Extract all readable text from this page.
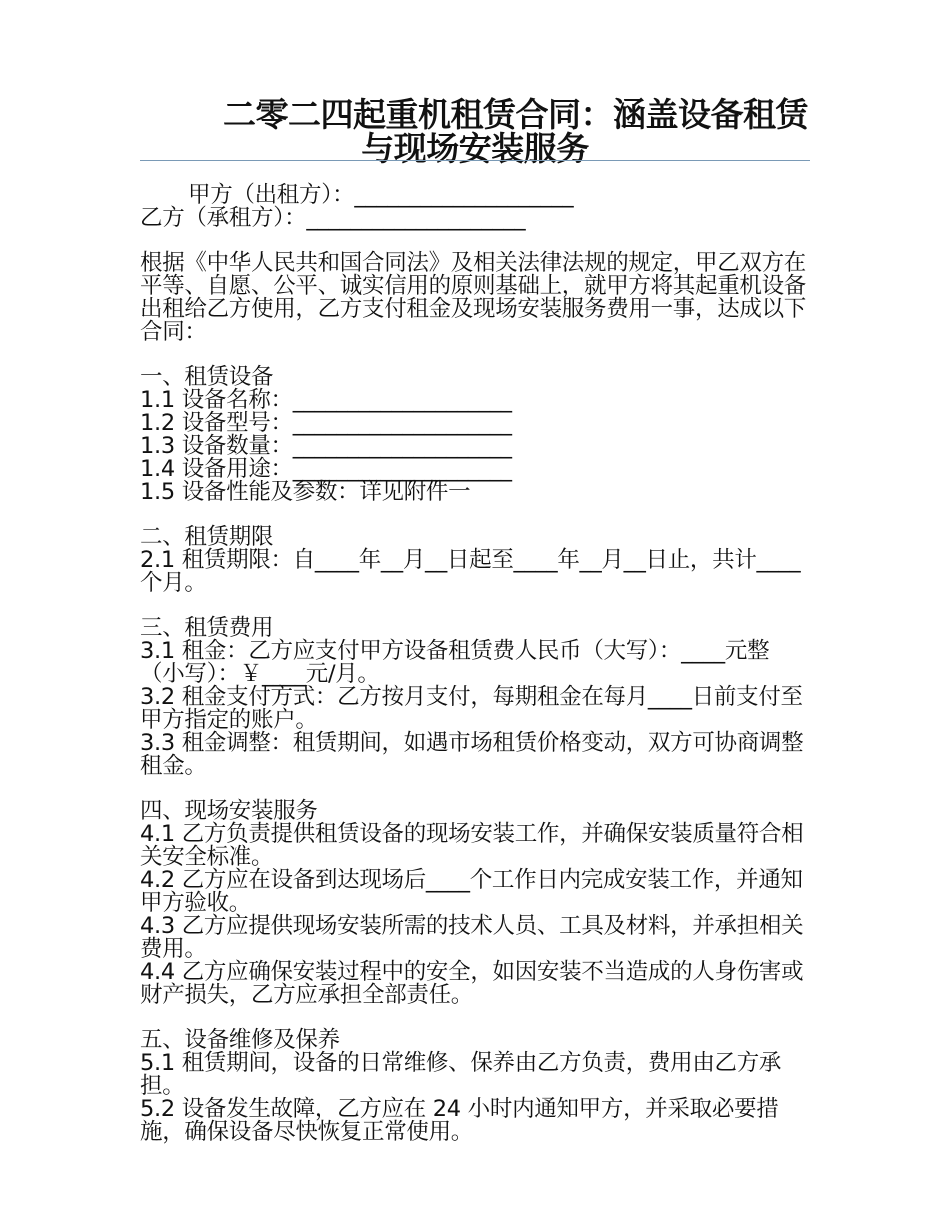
二零二四起重机租赁合同：涵盖设备租赁
与现场安装服务

甲方（出租方）：____________________

乙方（承租方）：____________________

根据《中华人民共和国合同法》及相关法律法规的规定，甲乙双方在平等、自愿、公平、诚实信用的原则基础上，就甲方将其起重机设备出租给乙方使用，乙方支付租金及现场安装服务费用一事，达成以下合同：

一、租赁设备

1.1 设备名称：____________________

1.2 设备型号：____________________

1.3 设备数量：____________________

1.4 设备用途：____________________

1.5 设备性能及参数：详见附件一

二、租赁期限

2.1 租赁期限：自____年__月__日起至____年__月__日止，共计____个月。

三、租赁费用

3.1 租金：乙方应支付甲方设备租赁费人民币（大写）：____元整（小写）：￥____元/月。

3.2 租金支付方式：乙方按月支付，每期租金在每月____日前支付至甲方指定的账户。

3.3 租金调整：租赁期间，如遇市场租赁价格变动，双方可协商调整租金。

四、现场安装服务

4.1 乙方负责提供租赁设备的现场安装工作，并确保安装质量符合相关安全标准。

4.2 乙方应在设备到达现场后____个工作日内完成安装工作，并通知甲方验收。

4.3 乙方应提供现场安装所需的技术人员、工具及材料，并承担相关费用。

4.4 乙方应确保安装过程中的安全，如因安装不当造成的人身伤害或财产损失，乙方应承担全部责任。

五、设备维修及保养

5.1 租赁期间，设备的日常维修、保养由乙方负责，费用由乙方承担。

5.2 设备发生故障，乙方应在 24 小时内通知甲方，并采取必要措施，确保设备尽快恢复正常使用。
